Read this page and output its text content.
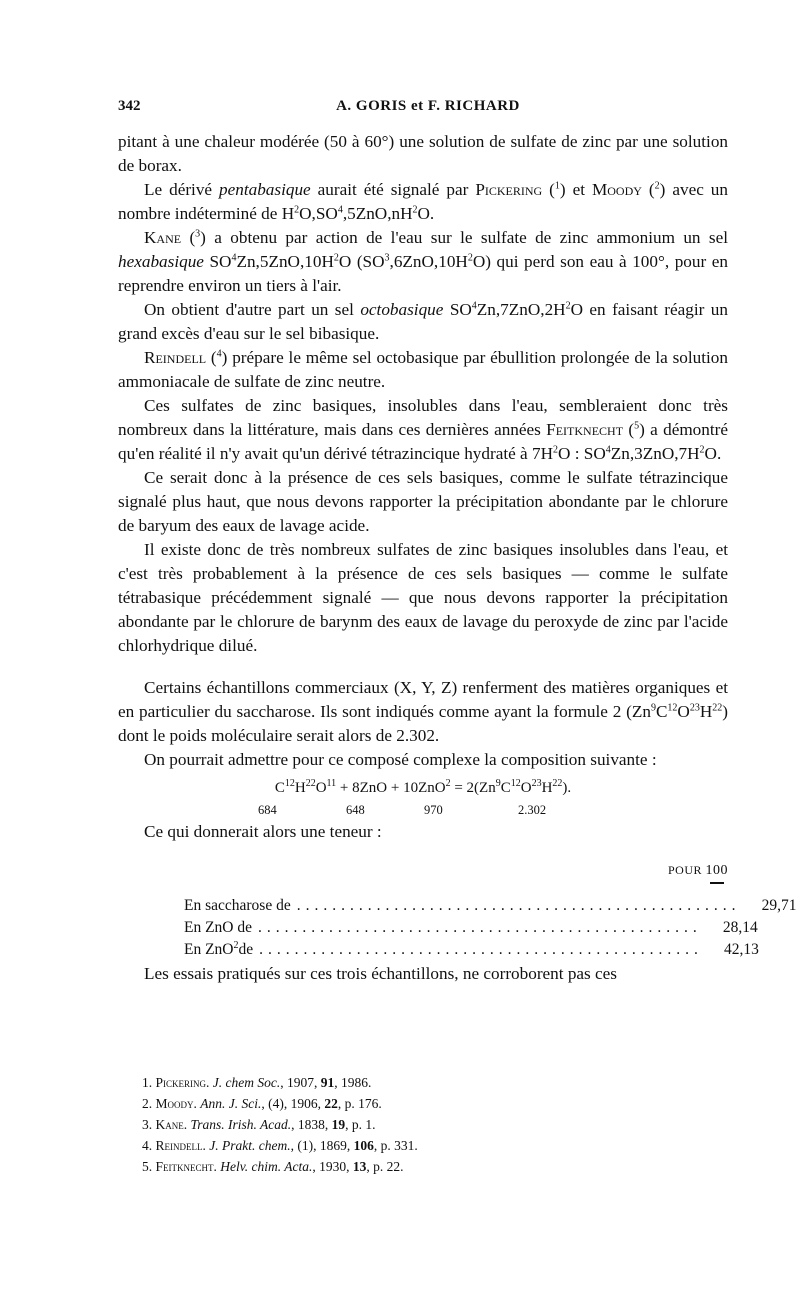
342	A. GORIS et F. RICHARD

pitant à une chaleur modérée (50 à 60°) une solution de sulfate de zinc par une solution de borax.

Le dérivé pentabasique aurait été signalé par Pickering ($^1$) et Moody ($^2$) avec un nombre indéterminé de $H^2O,SO^4,5ZnO,nH^2O$.

Kane ($^3$) a obtenu par action de l'eau sur le sulfate de zinc ammonium un sel hexabasique $SO^4Zn,5ZnO,10H^2O$ $(SO^3,6ZnO,10H^2O)$ qui perd son eau à 100°, pour en reprendre environ un tiers à l'air.

On obtient d'autre part un sel octobasique $SO^4Zn,7ZnO,2H^2O$ en faisant réagir un grand excès d'eau sur le sel bibasique.

Reindell ($^4$) prépare le même sel octobasique par ébullition prolongée de la solution ammoniacale de sulfate de zinc neutre.

Ces sulfates de zinc basiques, insolubles dans l'eau, sembleraient donc très nombreux dans la littérature, mais dans ces dernières années Feitknecht ($^5$) a démontré qu'en réalité il n'y avait qu'un dérivé tétrazincique hydraté à $7H^2O$ : $SO^4Zn,3ZnO,7H^2O$.

Ce serait donc à la présence de ces sels basiques, comme le sulfate tétrazincique signalé plus haut, que nous devons rapporter la précipitation abondante par le chlorure de baryum des eaux de lavage acide.

Il existe donc de très nombreux sulfates de zinc basiques insolubles dans l'eau, et c'est très probablement à la présence de ces sels basiques — comme le sulfate tétrabasique précédemment signalé — que nous devons rapporter la précipitation abondante par le chlorure de barynm des eaux de lavage du peroxyde de zinc par l'acide chlorhydrique dilué.

Certains échantillons commerciaux (X, Y, Z) renferment des matières organiques et en particulier du saccharose. Ils sont indiqués comme ayant la formule 2 $(Zn^9C^{12}O^{23}H^{22})$ dont le poids moléculaire serait alors de 2.302.

On pourrait admettre pour ce composé complexe la composition suivante :

$C^{12}H^{22}O^{11} + 8ZnO + 10ZnO^2 = 2(Zn^9C^{12}O^{23}H^{22})$.
684	648	970	2.302

Ce qui donnerait alors une teneur :

POUR 100
En saccharose de ..................................................	29,71
En ZnO de ..................................................	28,14
En ZnO$^2$de ..................................................	42,13

Les essais pratiqués sur ces trois échantillons, ne corroborent pas ces

1. Pickering. J. chem Soc., 1907, 91, 1986.
2. Moody. Ann. J. Sci., (4), 1906, 22, p. 176.
3. Kane. Trans. Irish. Acad., 1838, 19, p. 1.
4. Reindell. J. Prakt. chem., (1), 1869, 106, p. 331.
5. Feitknecht. Helv. chim. Acta., 1930, 13, p. 22.
